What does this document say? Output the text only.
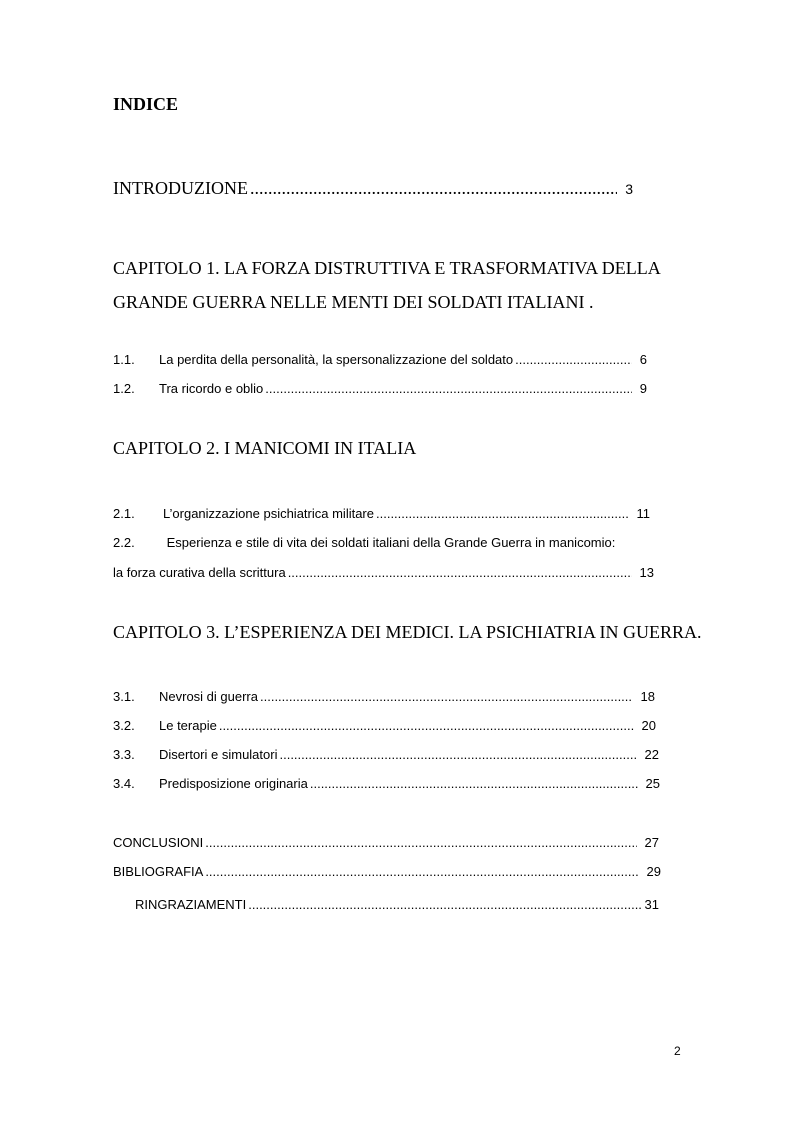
INDICE
INTRODUZIONE .....	3
CAPITOLO 1. LA FORZA DISTRUTTIVA E TRASFORMATIVA DELLA
GRANDE GUERRA NELLE MENTI DEI SOLDATI ITALIANI .
1.1.	La perdita della personalità, la spersonalizzazione del soldato .....	6
1.2.	Tra ricordo e oblio .....	9
CAPITOLO 2. I MANICOMI IN ITALIA
2.1.	L’organizzazione psichiatrica militare .....	11
2.2. Esperienza e stile di vita dei soldati italiani della Grande Guerra in manicomio:
la forza curativa della scrittura .....	13
CAPITOLO 3. L’ESPERIENZA DEI MEDICI. LA PSICHIATRIA IN GUERRA.
3.1.	Nevrosi di guerra .....	18
3.2.	Le terapie .....	20
3.3.	Disertori e simulatori .....	22
3.4.	Predisposizione originaria .....	25
CONCLUSIONI .....	27
BIBLIOGRAFIA .....	29
RINGRAZIAMENTI .....	31
2
